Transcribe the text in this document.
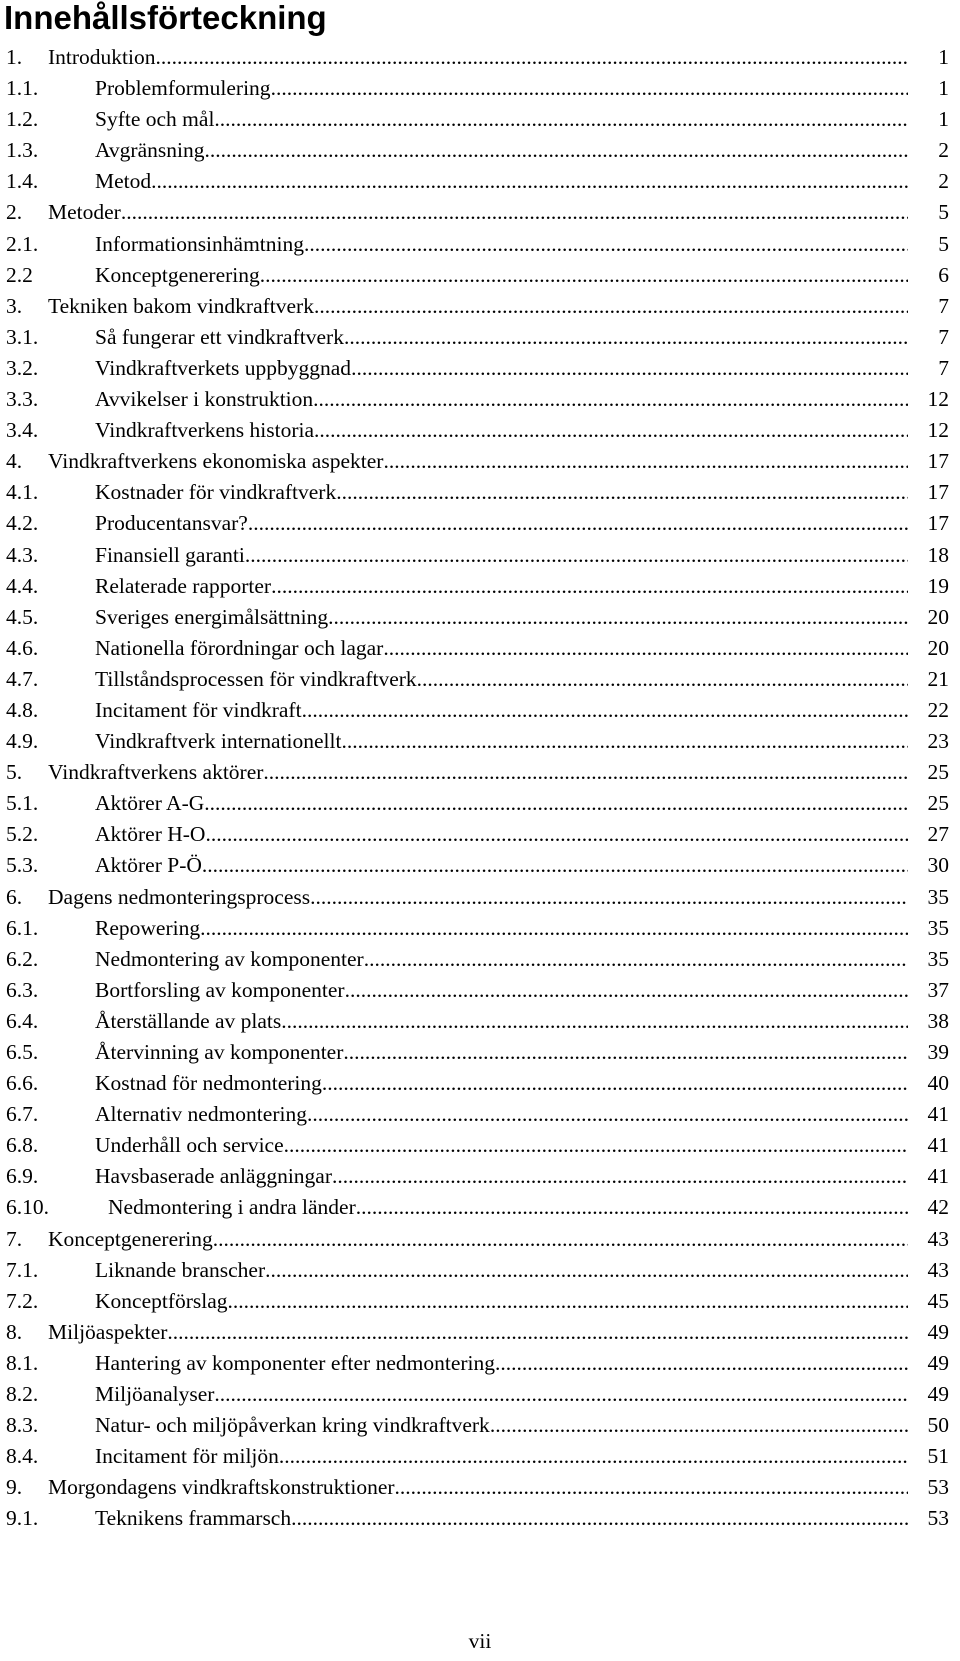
Innehållsförteckning
1. Introduktion .....	1
1.1.	Problemformulering .....	1
1.2.	Syfte och mål .....	1
1.3.	Avgränsning .....	2
1.4.	Metod .....	2
2. Metoder .....	5
2.1.	Informationsinhämtning .....	5
2.2	Konceptgenerering .....	6
3. Tekniken bakom vindkraftverk .....	7
3.1.	Så fungerar ett vindkraftverk .....	7
3.2.	Vindkraftverkets uppbyggnad .....	7
3.3.	Avvikelser i konstruktion .....	12
3.4.	Vindkraftverkens historia .....	12
4. Vindkraftverkens ekonomiska aspekter .....	17
4.1.	Kostnader för vindkraftverk .....	17
4.2.	Producentansvar? .....	17
4.3.	Finansiell garanti .....	18
4.4.	Relaterade rapporter .....	19
4.5.	Sveriges energimålsättning .....	20
4.6.	Nationella förordningar och lagar .....	20
4.7.	Tillståndsprocessen för vindkraftverk .....	21
4.8.	Incitament för vindkraft .....	22
4.9.	Vindkraftverk internationellt .....	23
5. Vindkraftverkens aktörer .....	25
5.1.	Aktörer A-G .....	25
5.2.	Aktörer H-O .....	27
5.3.	Aktörer P-Ö .....	30
6. Dagens nedmonteringsprocess .....	35
6.1.	Repowering .....	35
6.2.	Nedmontering av komponenter .....	35
6.3.	Bortforsling av komponenter .....	37
6.4.	Återställande av plats .....	38
6.5.	Återvinning av komponenter .....	39
6.6.	Kostnad för nedmontering .....	40
6.7.	Alternativ nedmontering .....	41
6.8.	Underhåll och service .....	41
6.9.	Havsbaserade anläggningar .....	41
6.10.	Nedmontering i andra länder .....	42
7. Konceptgenerering .....	43
7.1.	Liknande branscher .....	43
7.2.	Konceptförslag .....	45
8. Miljöaspekter .....	49
8.1.	Hantering av komponenter efter nedmontering .....	49
8.2.	Miljöanalyser .....	49
8.3.	Natur- och miljöpåverkan kring vindkraftverk .....	50
8.4.	Incitament för miljön .....	51
9. Morgondagens vindkraftskonstruktioner .....	53
9.1.	Teknikens frammarsch .....	53

vii
